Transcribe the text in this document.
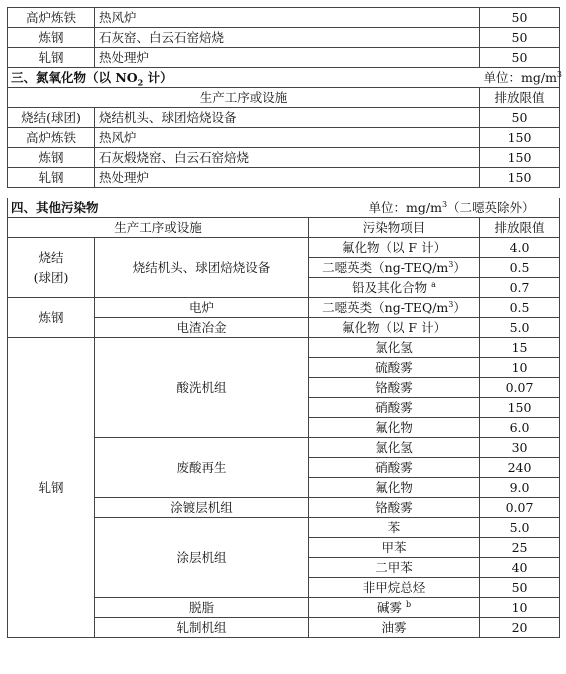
高炉炼铁	热风炉	50
炼钢	石灰窑、白云石窑焙烧	50
轧钢	热处理炉	50
三、氮氧化物（以 $NO_2$ 计）		单位：$mg/m^3$
生产工序或设施		排放限值
烧结(球团)	烧结机头、球团焙烧设备	50
高炉炼铁	热风炉	150
炼钢	石灰煅烧窑、白云石窑焙烧	150
轧钢	热处理炉	150
四、其他污染物		单位：$mg/m^3$（二噁英除外）	
生产工序或设施		污染物项目	排放限值
烧结
(球团)	烧结机头、球团焙烧设备	氟化物（以 F 计）	4.0
		二噁英类$(ng-TEQ/m^3)$	0.5
		铅及其化合物 $^a$	0.7
炼钢	电炉	二噁英类$(ng-TEQ/m^3)$	0.5
	电渣冶金	氟化物（以 F 计）	5.0
轧钢	酸洗机组	氯化氢	15
		硫酸雾	10
		铬酸雾	0.07
		硝酸雾	150
		氟化物	6.0
	废酸再生	氯化氢	30
		硝酸雾	240
		氟化物	9.0
	涂镀层机组	铬酸雾	0.07
	涂层机组	苯	5.0
		甲苯	25
		二甲苯	40
		非甲烷总烃	50
	脱脂	碱雾 $^b$	10
	轧制机组	油雾	20
